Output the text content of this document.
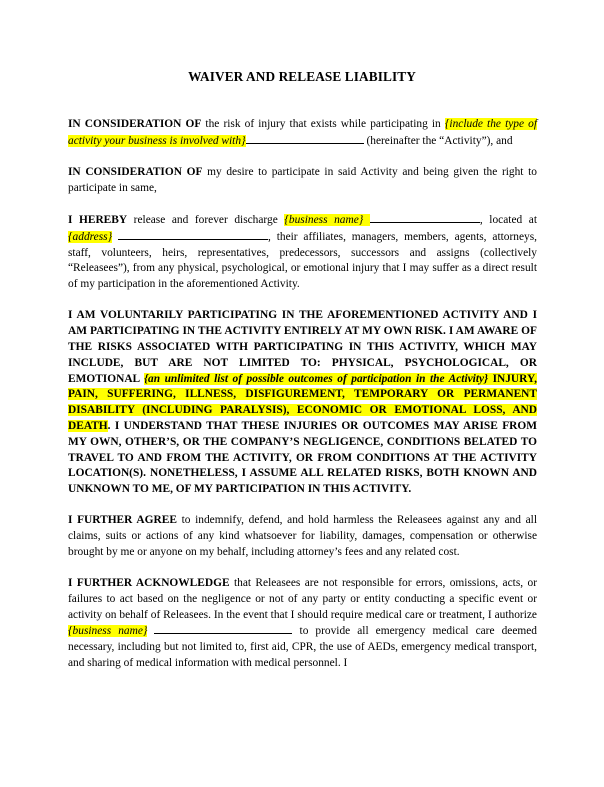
WAIVER AND RELEASE LIABILITY

IN CONSIDERATION OF the risk of injury that exists while participating in {include the type of activity your business is involved with}	(hereinafter the “Activity”), and

IN CONSIDERATION OF my desire to participate in said Activity and being given the right to participate in same,

I HEREBY release and forever discharge {business name}	, located at {address}	, their affiliates, managers, members, agents, attorneys, staff, volunteers, heirs, representatives, predecessors, successors and assigns (collectively “Releasees”), from any physical, psychological, or emotional injury that I may suffer as a direct result of my participation in the aforementioned Activity.

I AM VOLUNTARILY PARTICIPATING IN THE AFOREMENTIONED ACTIVITY AND I AM PARTICIPATING IN THE ACTIVITY ENTIRELY AT MY OWN RISK. I AM AWARE OF THE RISKS ASSOCIATED WITH PARTICIPATING IN THIS ACTIVITY, WHICH MAY INCLUDE, BUT ARE NOT LIMITED TO: PHYSICAL, PSYCHOLOGICAL, OR EMOTIONAL {an unlimited list of possible outcomes of participation in the Activity} INJURY, PAIN, SUFFERING, ILLNESS, DISFIGUREMENT, TEMPORARY OR PERMANENT DISABILITY (INCLUDING PARALYSIS), ECONOMIC OR EMOTIONAL LOSS, AND DEATH. I UNDERSTAND THAT THESE INJURIES OR OUTCOMES MAY ARISE FROM MY OWN, OTHER’S, OR THE COMPANY’S NEGLIGENCE, CONDITIONS BELATED TO TRAVEL TO AND FROM THE ACTIVITY, OR FROM CONDITIONS AT THE ACTIVITY LOCATION(S). NONETHELESS, I ASSUME ALL RELATED RISKS, BOTH KNOWN AND UNKNOWN TO ME, OF MY PARTICIPATION IN THIS ACTIVITY.

I FURTHER AGREE to indemnify, defend, and hold harmless the Releasees against any and all claims, suits or actions of any kind whatsoever for liability, damages, compensation or otherwise brought by me or anyone on my behalf, including attorney’s fees and any related cost.

I FURTHER ACKNOWLEDGE that Releasees are not responsible for errors, omissions, acts, or failures to act based on the negligence or not of any party or entity conducting a specific event or activity on behalf of Releasees. In the event that I should require medical care or treatment, I authorize {business name}	to provide all emergency medical care deemed necessary, including but not limited to, first aid, CPR, the use of AEDs, emergency medical transport, and sharing of medical information with medical personnel. I
